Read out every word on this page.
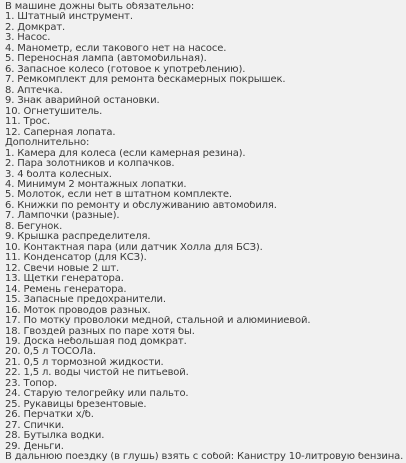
В машине дожны быть обязательно:
1. Штатный инструмент.
2. Домкрат.
3. Насос.
4. Манометр, если такового нет на насосе.
5. Переносная лампа (автомобильная).
6. Запасное колесо (готовое к употреблению).
7. Ремкомплект для ремонта бескамерных покрышек.
8. Аптечка.
9. Знак аварийной остановки.
10. Огнетушитель.
11. Трос.
12. Саперная лопата.
Дополнительно:
1. Камера для колеса (если камерная резина).
2. Пара золотников и колпачков.
3. 4 болта колесных.
4. Минимум 2 монтажных лопатки.
5. Молоток, если нет в штатном комплекте.
6. Книжки по ремонту и обслуживанию автомобиля.
7. Лампочки (разные).
8. Бегунок.
9. Крышка распределителя.
10. Контактная пара (или датчик Холла для БСЗ).
11. Конденсатор (для КСЗ).
12. Свечи новые 2 шт.
13. Щетки генератора.
14. Ремень генератора.
15. Запасные предохранители.
16. Моток проводов разных.
17. По мотку проволоки медной, стальной и алюминиевой.
18. Гвоздей разных по паре хотя бы.
19. Доска небольшая под домкрат.
20. 0,5 л ТОСОЛа.
21. 0,5 л тормозной жидкости.
22. 1,5 л. воды чистой не питьевой.
23. Топор.
24. Старую телогрейку или пальто.
25. Рукавицы брезентовые.
26. Перчатки х/б.
27. Спички.
28. Бутылка водки.
29. Деньги.
В дальнюю поездку (в глушь) взять с собой: Канистру 10-литровую бензина.
